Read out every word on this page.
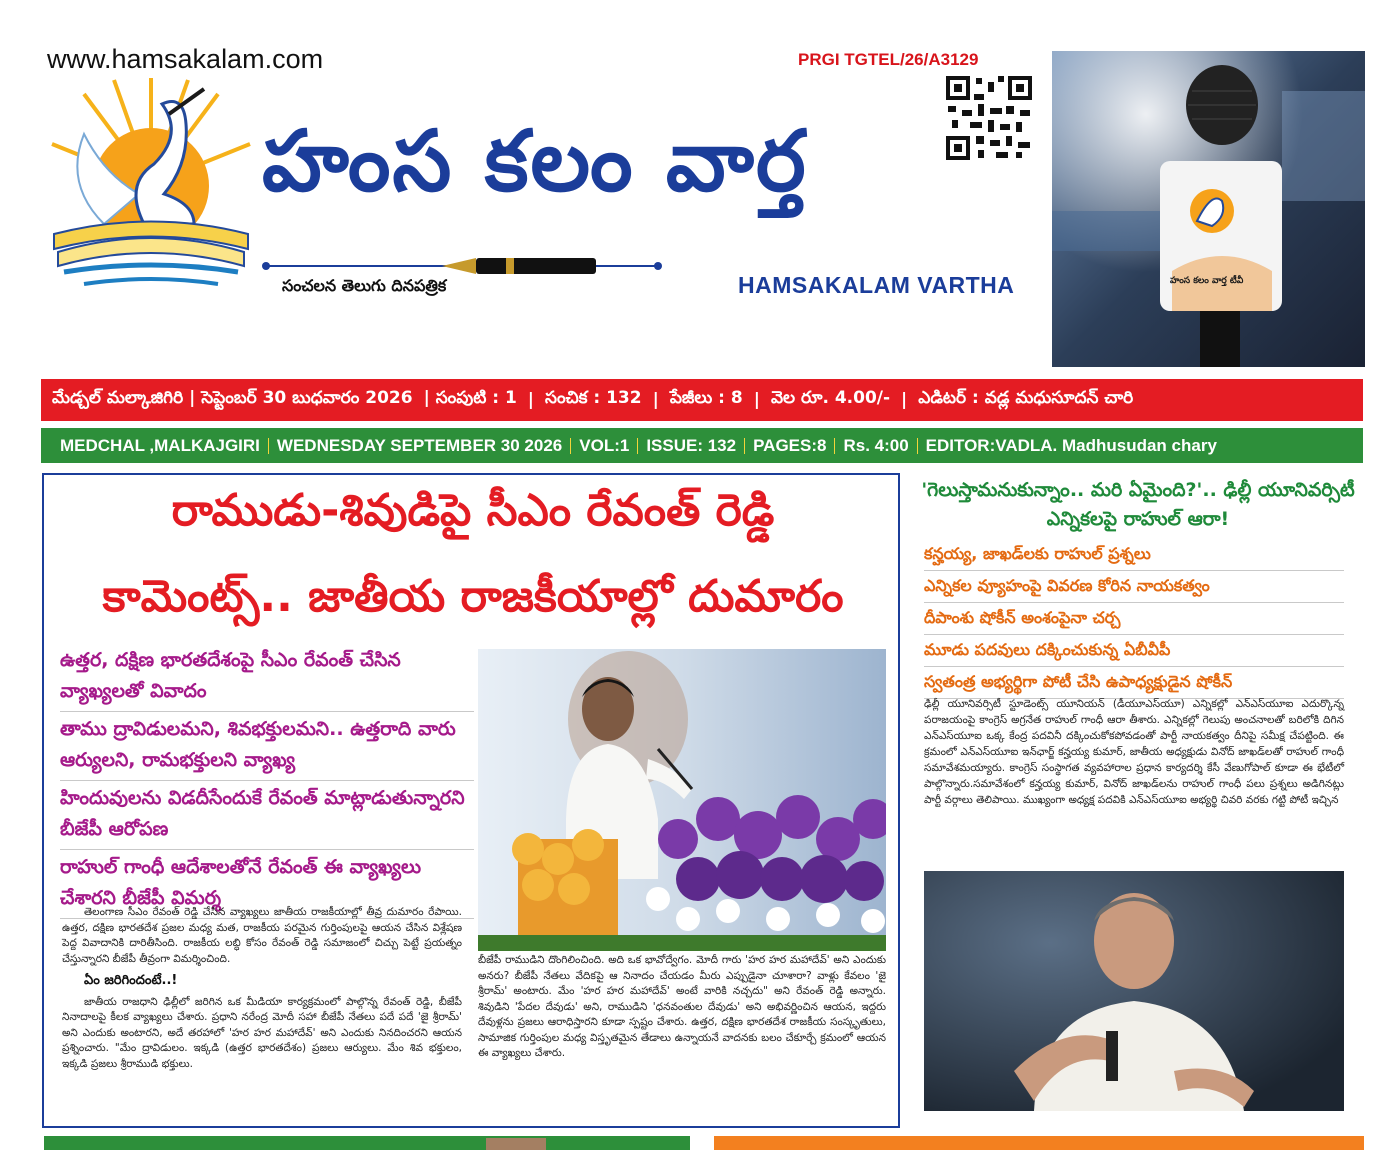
www.hamsakalam.com	PRGI TGTEL/26/A3129
హంస కలం వార్త
సంచలన తెలుగు దినపత్రిక	HAMSAKALAM VARTHA	హంస కలం వార్త టీవీ
మేడ్చల్ మల్కాజిగిరి | సెప్టెంబర్ 30 బుధవారం 2026 | సంపుటి : 1 | సంచిక : 132 | పేజీలు : 8 | వెల రూ. 4.00/- | ఎడిటర్ : వడ్ల మధుసూదన్ చారి
MEDCHAL ,MALKAJGIRI WEDNESDAY SEPTEMBER 30 2026 VOL:1 ISSUE: 132 PAGES:8 Rs. 4:00 EDITOR:VADLA. Madhusudan chary
రాముడు-శివుడిపై సీఎం రేవంత్ రెడ్డి
కామెంట్స్.. జాతీయ రాజకీయాల్లో దుమారం
ఉత్తర, దక్షిణ భారతదేశంపై సీఎం రేవంత్ చేసిన వ్యాఖ్యలతో వివాదం
తాము ద్రావిడులమని, శివభక్తులమని.. ఉత్తరాది వారు ఆర్యులని, రామభక్తులని వ్యాఖ్య
హిందువులను విడదీసేందుకే రేవంత్ మాట్లాడుతున్నారని బీజేపీ ఆరోపణ
రాహుల్ గాంధీ ఆదేశాలతోనే రేవంత్ ఈ వ్యాఖ్యలు చేశారని బీజేపీ విమర్శ

తెలంగాణ సీఎం రేవంత్ రెడ్డి చేసిన వ్యాఖ్యలు జాతీయ రాజకీయాల్లో తీవ్ర దుమారం రేపాయి. ఉత్తర, దక్షిణ భారతదేశ ప్రజల మధ్య మత, రాజకీయ పరమైన గుర్తింపులపై ఆయన చేసిన విశ్లేషణ పెద్ద వివాదానికి దారితీసింది. రాజకీయ లబ్ధి కోసం రేవంత్ రెడ్డి సమాజంలో చిచ్చు పెట్టే ప్రయత్నం చేస్తున్నారని బీజేపీ తీవ్రంగా విమర్శించింది.

ఏం జరిగిందంటే..!

జాతీయ రాజధాని ఢిల్లీలో జరిగిన ఒక మీడియా కార్యక్రమంలో పాల్గొన్న రేవంత్ రెడ్డి, బీజేపీ నినాదాలపై కీలక వ్యాఖ్యలు చేశారు. ప్రధాని నరేంద్ర మోదీ సహా బీజేపీ నేతలు పదే పదే 'జై శ్రీరామ్' అని ఎందుకు అంటారని, అదే తరహాలో 'హర హర మహాదేవ్' అని ఎందుకు నినదించరని ఆయన ప్రశ్నించారు. "మేం ద్రావిడులం. ఇక్కడి (ఉత్తర భారతదేశం) ప్రజలు ఆర్యులు. మేం శివ భక్తులం, ఇక్కడి ప్రజలు శ్రీరాముడి భక్తులు.

బీజేపీ రాముడిని దొంగిలించింది. అది ఒక భావోద్వేగం. మోదీ గారు 'హర హర మహాదేవ్' అని ఎందుకు అనరు? బీజేపీ నేతలు వేదికపై ఆ నినాదం చేయడం మీరు ఎప్పుడైనా చూశారా? వాళ్లు కేవలం 'జై శ్రీరామ్' అంటారు. మేం 'హర హర మహాదేవ్' అంటే వారికి నచ్చదు" అని రేవంత్ రెడ్డి అన్నారు. శివుడిని 'పేదల దేవుడు' అని, రాముడిని 'ధనవంతుల దేవుడు' అని అభివర్ణించిన ఆయన, ఇద్దరు దేవుళ్లను ప్రజలు ఆరాధిస్తారని కూడా స్పష్టం చేశారు. ఉత్తర, దక్షిణ భారతదేశ రాజకీయ సంస్కృతులు, సామాజిక గుర్తింపుల మధ్య విస్తృతమైన తేడాలు ఉన్నాయనే వాదనకు బలం చేకూర్చే క్రమంలో ఆయన ఈ వ్యాఖ్యలు చేశారు.
'గెలుస్తామనుకున్నాం.. మరి ఏమైంది?'.. ఢిల్లీ యూనివర్సిటీ ఎన్నికలపై రాహుల్ ఆరా!
కన్హయ్య, జాఖడ్‌లకు రాహుల్ ప్రశ్నలు
ఎన్నికల వ్యూహంపై వివరణ కోరిన నాయకత్వం
దీపాంశు షోకీన్ అంశంపైనా చర్చ
మూడు పదవులు దక్కించుకున్న ఏబీవీపీ
స్వతంత్ర అభ్యర్థిగా పోటీ చేసి ఉపాధ్యక్షుడైన షోకీన్
ఢిల్లీ యూనివర్సిటీ స్టూడెంట్స్ యూనియన్ (డీయూఎస్‌యూ) ఎన్నికల్లో ఎన్ఎస్‌యూఐ ఎదుర్కొన్న పరాజయంపై కాంగ్రెస్ అగ్రనేత రాహుల్ గాంధీ ఆరా తీశారు. ఎన్నికల్లో గెలుపు అంచనాలతో బరిలోకి దిగిన ఎన్ఎస్‌యూఐ ఒక్క కేంద్ర పదవినీ దక్కించుకోకపోవడంతో పార్టీ నాయకత్వం దీనిపై సమీక్ష చేపట్టింది. ఈ క్రమంలో ఎన్ఎస్‌యూఐ ఇన్‌ఛార్జ్ కన్హయ్య కుమార్, జాతీయ అధ్యక్షుడు వినోద్ జాఖడ్‌లతో రాహుల్ గాంధీ సమావేశమయ్యారు. కాంగ్రెస్ సంస్థాగత వ్యవహారాల ప్రధాన కార్యదర్శి కేసీ వేణుగోపాల్ కూడా ఈ భేటీలో పాల్గొన్నారు.సమావేశంలో కన్హయ్య కుమార్, వినోద్ జాఖడ్‌లను రాహుల్ గాంధీ పలు ప్రశ్నలు అడిగినట్లు పార్టీ వర్గాలు తెలిపాయి. ముఖ్యంగా అధ్యక్ష పదవికి ఎన్ఎస్‌యూఐ అభ్యర్థి చివరి వరకు గట్టి పోటీ ఇచ్చిన
